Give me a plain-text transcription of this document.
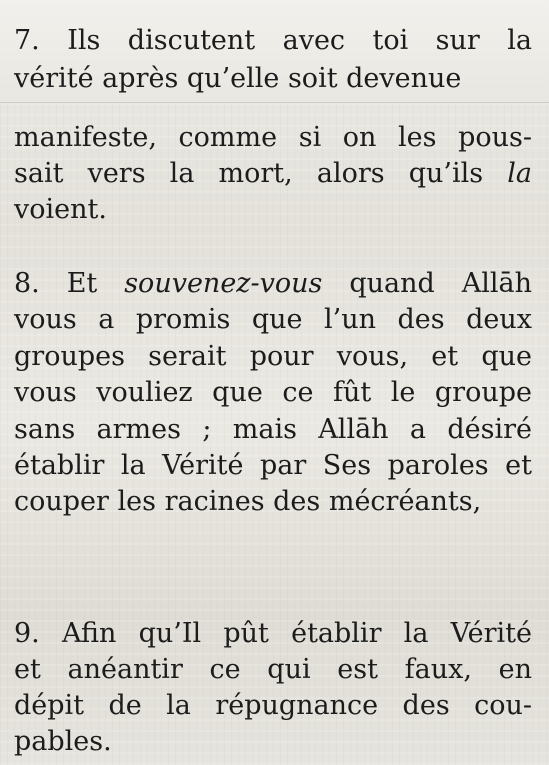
7. Ils discutent avec toi sur la
vérité après qu’elle soit devenue

manifeste, comme si on les pous-
sait vers la mort, alors qu’ils la
voient.

8. Et souvenez-vous quand Allāh
vous a promis que l’un des deux
groupes serait pour vous, et que
vous vouliez que ce fût le groupe
sans armes ; mais Allāh a désiré
établir la Vérité par Ses paroles et
couper les racines des mécréants,

9. Afin qu’Il pût établir la Vérité
et anéantir ce qui est faux, en
dépit de la répugnance des cou-
pables.
